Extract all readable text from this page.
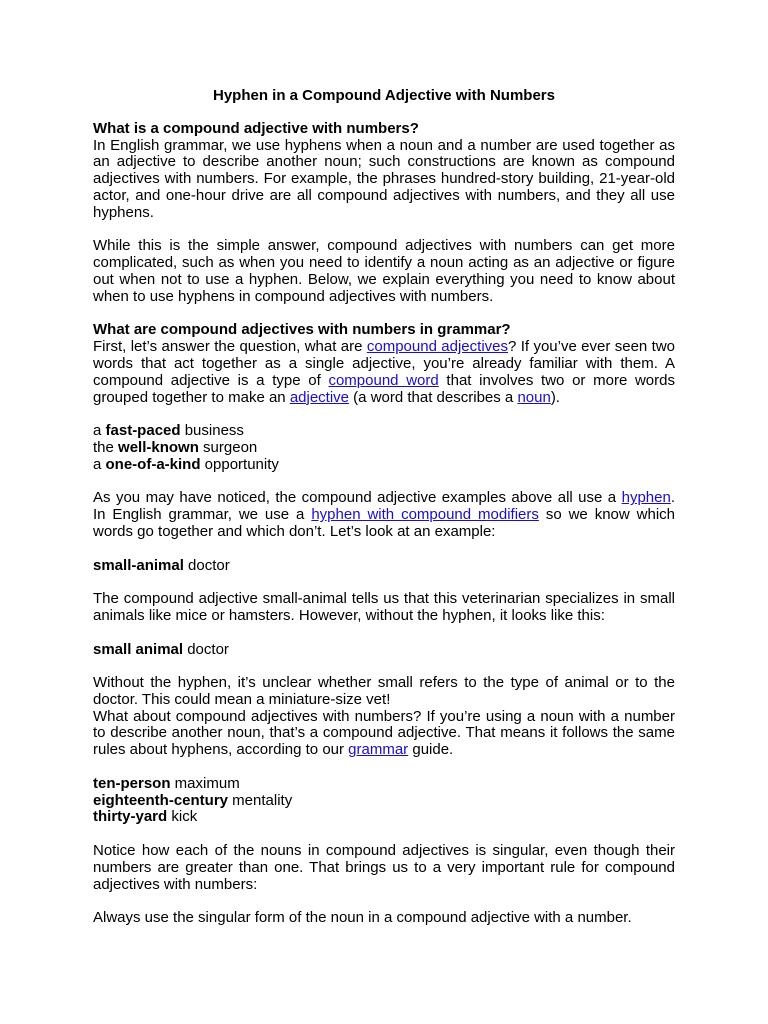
Hyphen in a Compound Adjective with Numbers
What is a compound adjective with numbers?

In English grammar, we use hyphens when a noun and a number are used together as an adjective to describe another noun; such constructions are known as compound adjectives with numbers. For example, the phrases hundred-story building, 21-year-old actor, and one-hour drive are all compound adjectives with numbers, and they all use hyphens.

While this is the simple answer, compound adjectives with numbers can get more complicated, such as when you need to identify a noun acting as an adjective or figure out when not to use a hyphen. Below, we explain everything you need to know about when to use hyphens in compound adjectives with numbers.

What are compound adjectives with numbers in grammar?

First, let’s answer the question, what are compound adjectives? If you’ve ever seen two words that act together as a single adjective, you’re already familiar with them. A compound adjective is a type of compound word that involves two or more words grouped together to make an adjective (a word that describes a noun).

a fast-paced business
the well-known surgeon
a one-of-a-kind opportunity

As you may have noticed, the compound adjective examples above all use a hyphen. In English grammar, we use a hyphen with compound modifiers so we know which words go together and which don’t. Let’s look at an example:

small-animal doctor

The compound adjective small-animal tells us that this veterinarian specializes in small animals like mice or hamsters. However, without the hyphen, it looks like this:

small animal doctor

Without the hyphen, it’s unclear whether small refers to the type of animal or to the doctor. This could mean a miniature-size vet!

What about compound adjectives with numbers? If you’re using a noun with a number to describe another noun, that’s a compound adjective. That means it follows the same rules about hyphens, according to our grammar guide.

ten-person maximum
eighteenth-century mentality
thirty-yard kick

Notice how each of the nouns in compound adjectives is singular, even though their numbers are greater than one. That brings us to a very important rule for compound adjectives with numbers:

Always use the singular form of the noun in a compound adjective with a number.
